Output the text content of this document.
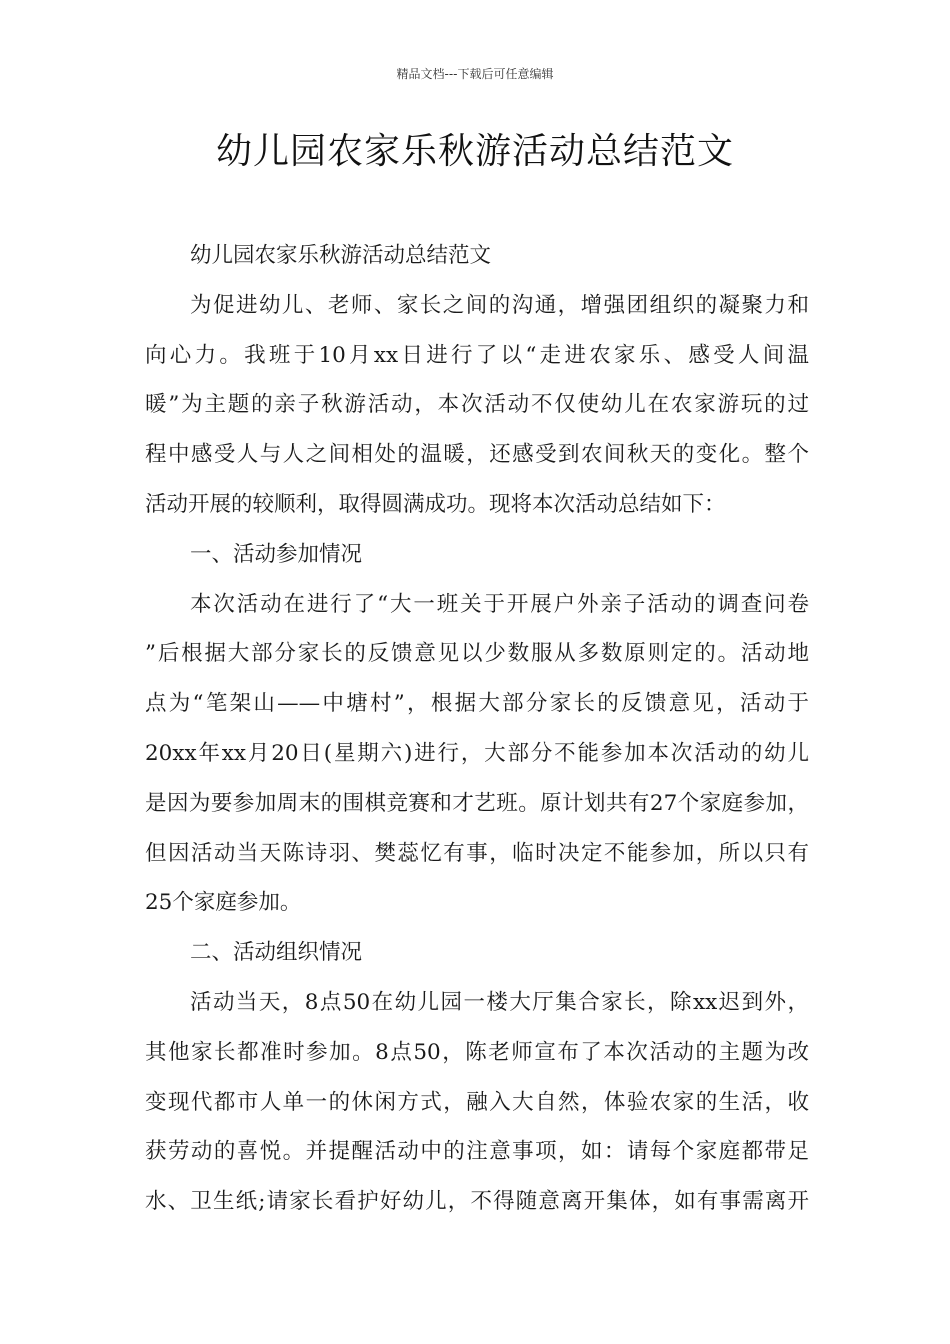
精品文档---下载后可任意编辑
幼儿园农家乐秋游活动总结范文
幼儿园农家乐秋游活动总结范文
为促进幼儿、老师、家长之间的沟通，增强团组织的凝聚力和
向心力。我班于10月xx日进行了以“走进农家乐、感受人间温
暖”为主题的亲子秋游活动，本次活动不仅使幼儿在农家游玩的过
程中感受人与人之间相处的温暖，还感受到农间秋天的变化。整个
活动开展的较顺利，取得圆满成功。现将本次活动总结如下：
一、活动参加情况
本次活动在进行了“大一班关于开展户外亲子活动的调查问卷
”后根据大部分家长的反馈意见以少数服从多数原则定的。活动地
点为“笔架山——中塘村”，根据大部分家长的反馈意见，活动于
20xx年xx月20日(星期六)进行，大部分不能参加本次活动的幼儿
是因为要参加周末的围棋竞赛和才艺班。原计划共有27个家庭参加，
但因活动当天陈诗羽、樊蕊忆有事，临时决定不能参加，所以只有
25个家庭参加。
二、活动组织情况
活动当天，8点50在幼儿园一楼大厅集合家长，除xx迟到外，
其他家长都准时参加。8点50，陈老师宣布了本次活动的主题为改
变现代都市人单一的休闲方式，融入大自然，体验农家的生活，收
获劳动的喜悦。并提醒活动中的注意事项，如：请每个家庭都带足
水、卫生纸;请家长看护好幼儿，不得随意离开集体，如有事需离开
